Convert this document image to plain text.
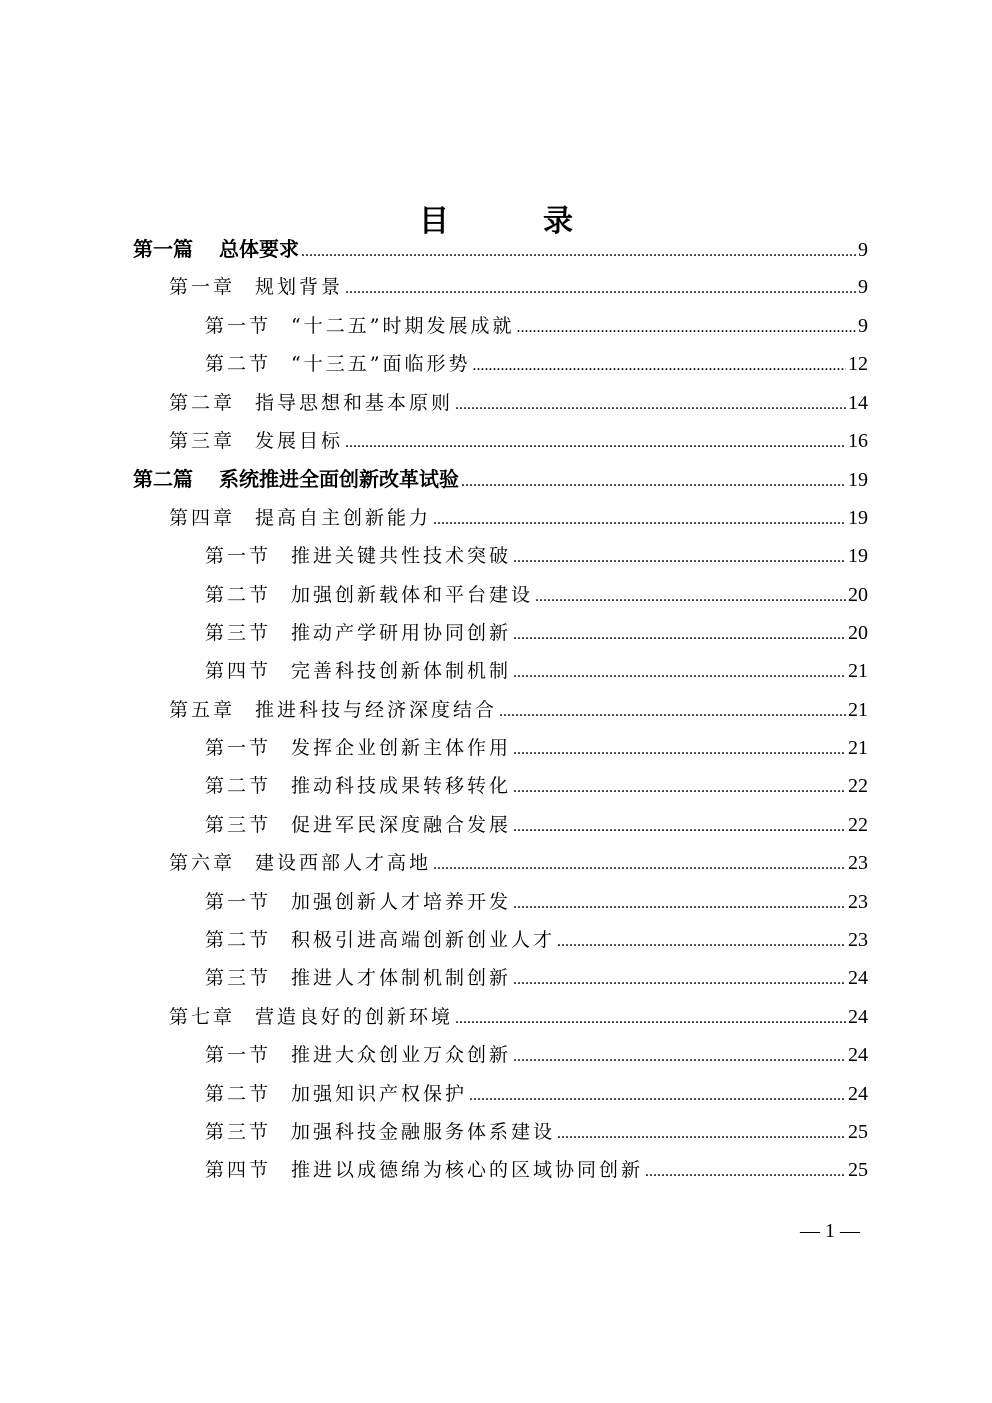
目　录
第一篇 总体要求 .....	9
第一章 规划背景 .....	9
第一节 “十二五”时期发展成就 .....	9
第二节 “十三五”面临形势 .....	12
第二章 指导思想和基本原则 .....	14
第三章 发展目标 .....	16
第二篇 系统推进全面创新改革试验 .....	19
第四章 提高自主创新能力 .....	19
第一节 推进关键共性技术突破 .....	19
第二节 加强创新载体和平台建设 .....	20
第三节 推动产学研用协同创新 .....	20
第四节 完善科技创新体制机制 .....	21
第五章 推进科技与经济深度结合 .....	21
第一节 发挥企业创新主体作用 .....	21
第二节 推动科技成果转移转化 .....	22
第三节 促进军民深度融合发展 .....	22
第六章 建设西部人才高地 .....	23
第一节 加强创新人才培养开发 .....	23
第二节 积极引进高端创新创业人才 .....	23
第三节 推进人才体制机制创新 .....	24
第七章 营造良好的创新环境 .....	24
第一节 推进大众创业万众创新 .....	24
第二节 加强知识产权保护 .....	24
第三节 加强科技金融服务体系建设 .....	25
第四节 推进以成德绵为核心的区域协同创新 .....	25
— 1 —
